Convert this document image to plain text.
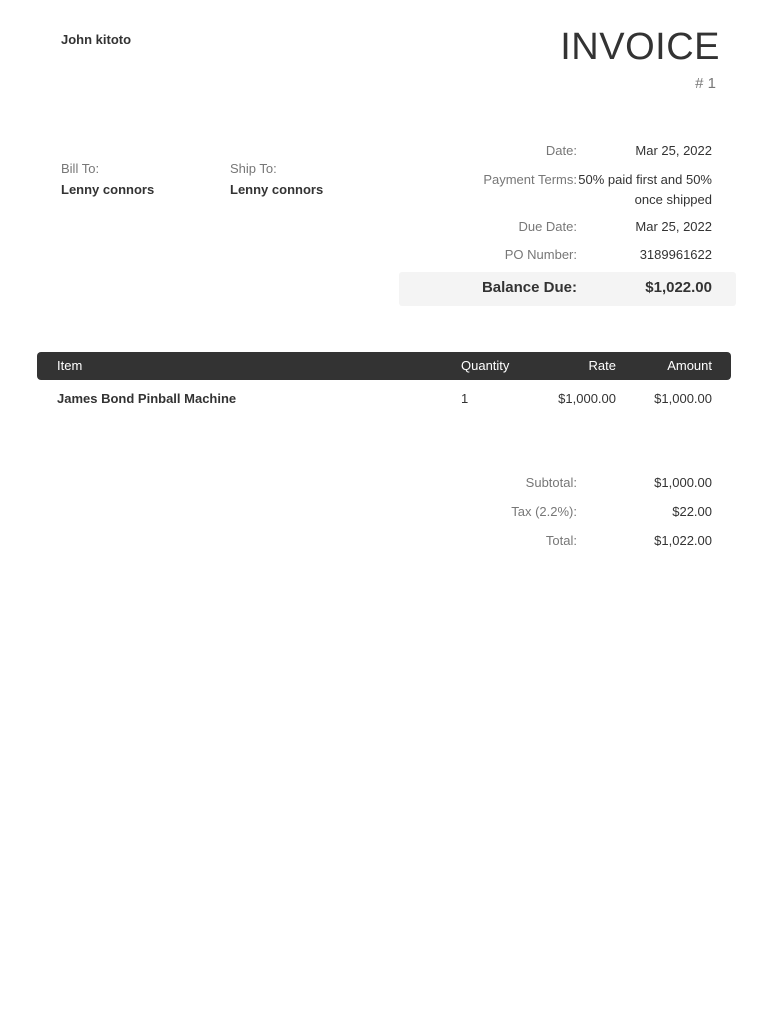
John kitoto	INVOICE
# 1
Bill To:
Lenny connors
Ship To:
Lenny connors
Date:	Mar 25, 2022
Payment Terms: 50% paid first and 50% once shipped
Due Date:	Mar 25, 2022
PO Number:	3189961622
Balance Due:	$1,022.00
Item	Quantity	Rate	Amount
James Bond Pinball Machine	1	$1,000.00	$1,000.00
Subtotal:	$1,000.00
Tax (2.2%):	$22.00
Total:	$1,022.00
